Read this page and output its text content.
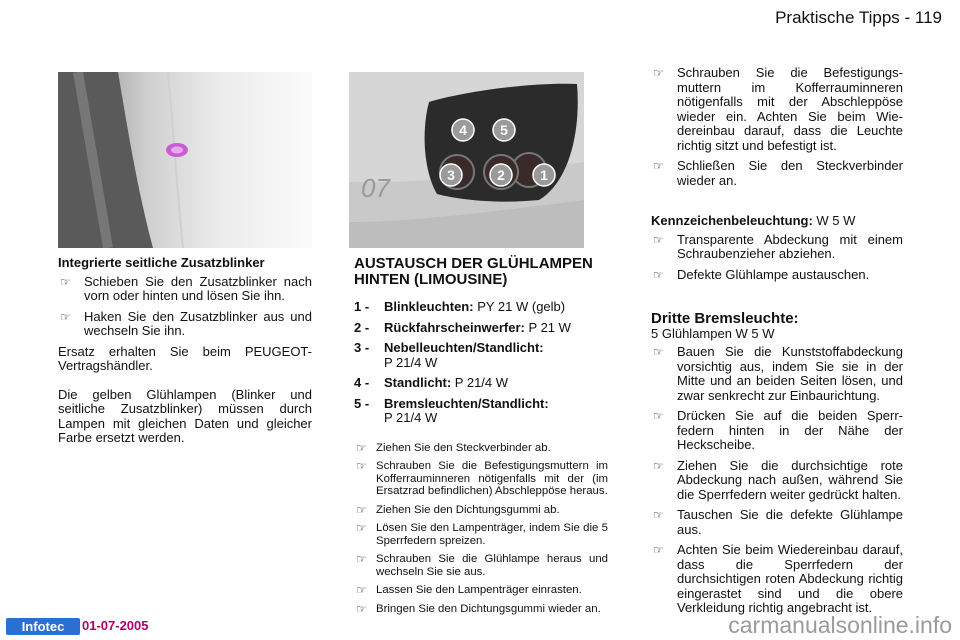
Praktische Tipps - 119
07	1
2
3
4 5
Integrierte seitliche Zusatzblinker
☞ Schieben Sie den Zusatzblinker nach vorn oder hinten und lösen Sie ihn.
☞ Haken Sie den Zusatzblinker aus und wechseln Sie ihn.
Ersatz erhalten Sie beim PEUGEOT-Vertragshändler.
Die gelben Glühlampen (Blinker und seitliche Zusatzblinker) müssen durch Lampen mit gleichen Daten und gleicher Farbe ersetzt werden.
AUSTAUSCH DER GLÜHLAMPEN HINTEN (LIMOUSINE)
1 - Blinkleuchten: PY 21 W (gelb)
2 - Rückfahrscheinwerfer: P 21 W
3 - Nebelleuchten/Standlicht:
P 21/4 W
4 - Standlicht: P 21/4 W
5 - Bremsleuchten/Standlicht:
P 21/4 W
☞ Ziehen Sie den Steckverbinder ab.
☞ Schrauben Sie die Befestigungsmuttern im Kofferrauminneren nötigenfalls mit der (im Ersatzrad befindlichen) Abschleppöse heraus.
☞ Ziehen Sie den Dichtungsgummi ab.
☞ Lösen Sie den Lampenträger, indem Sie die 5 Sperrfedern spreizen.
☞ Schrauben Sie die Glühlampe heraus und wechseln Sie sie aus.
☞ Lassen Sie den Lampenträger einrasten.
☞ Bringen Sie den Dichtungsgummi wieder an.
☞ Schrauben Sie die Befestigungsmuttern im Kofferrauminneren nötigenfalls mit der Abschleppöse wieder ein. Achten Sie beim Wiedereinbau darauf, dass die Leuchte richtig sitzt und befestigt ist.
☞ Schließen Sie den Steckverbinder wieder an.
Kennzeichenbeleuchtung: W 5 W
☞ Transparente Abdeckung mit einem Schraubenzieher abziehen.
☞ Defekte Glühlampe austauschen.
Dritte Bremsleuchte:
5 Glühlampen W 5 W
☞ Bauen Sie die Kunststoffabdeckung vorsichtig aus, indem Sie sie in der Mitte und an beiden Seiten lösen, und zwar senkrecht zur Einbaurichtung.
☞ Drücken Sie auf die beiden Sperrfedern hinten in der Nähe der Heckscheibe.
☞ Ziehen Sie die durchsichtige rote Abdeckung nach außen, während Sie die Sperrfedern weiter gedrückt halten.
☞ Tauschen Sie die defekte Glühlampe aus.
☞ Achten Sie beim Wiedereinbau darauf, dass die Sperrfedern der durchsichtigen roten Abdeckung richtig eingerastet sind und die obere Verkleidung richtig angebracht ist.
Infotec	01-07-2005	carmanualsonline.info
